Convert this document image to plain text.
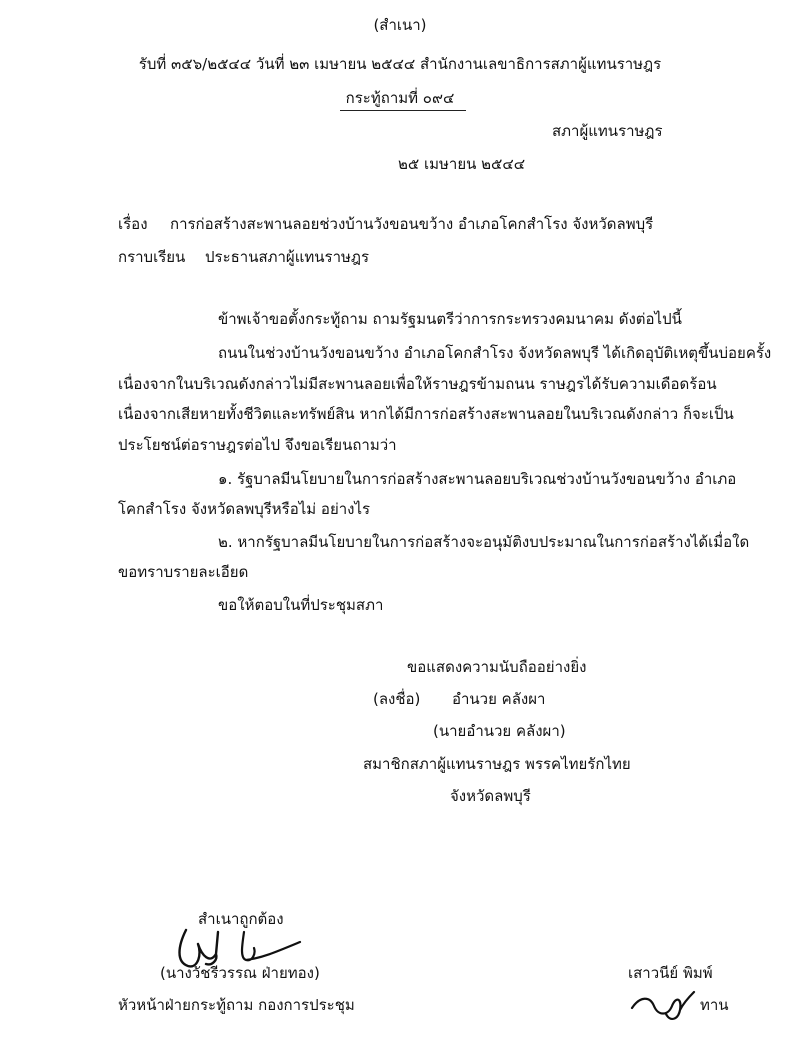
(สำเนา)
รับที่ ๓๕๖/๒๕๔๔ วันที่ ๒๓ เมษายน ๒๕๔๔ สำนักงานเลขาธิการสภาผู้แทนราษฎร
กระทู้ถามที่ ๐๙๔
สภาผู้แทนราษฎร
๒๕ เมษายน ๒๕๔๔
เรื่อง การก่อสร้างสะพานลอยช่วงบ้านวังขอนขว้าง อำเภอโคกสำโรง จังหวัดลพบุรี
กราบเรียน ประธานสภาผู้แทนราษฎร
ข้าพเจ้าขอตั้งกระทู้ถาม ถามรัฐมนตรีว่าการกระทรวงคมนาคม ดังต่อไปนี้
ถนนในช่วงบ้านวังขอนขว้าง อำเภอโคกสำโรง จังหวัดลพบุรี ได้เกิดอุบัติเหตุขึ้นบ่อยครั้ง
เนื่องจากในบริเวณดังกล่าวไม่มีสะพานลอยเพื่อให้ราษฎรข้ามถนน ราษฎรได้รับความเดือดร้อน
เนื่องจากเสียหายทั้งชีวิตและทรัพย์สิน หากได้มีการก่อสร้างสะพานลอยในบริเวณดังกล่าว ก็จะเป็น
ประโยชน์ต่อราษฎรต่อไป จึงขอเรียนถามว่า
๑. รัฐบาลมีนโยบายในการก่อสร้างสะพานลอยบริเวณช่วงบ้านวังขอนขว้าง อำเภอ
โคกสำโรง จังหวัดลพบุรีหรือไม่ อย่างไร
๒. หากรัฐบาลมีนโยบายในการก่อสร้างจะอนุมัติงบประมาณในการก่อสร้างได้เมื่อใด
ขอทราบรายละเอียด
ขอให้ตอบในที่ประชุมสภา
ขอแสดงความนับถืออย่างยิ่ง
(ลงชื่อ) อำนวย คลังผา
(นายอำนวย คลังผา)
สมาชิกสภาผู้แทนราษฎร พรรคไทยรักไทย
จังหวัดลพบุรี
สำเนาถูกต้อง
(นางวัชรีวรรณ ฝ่ายทอง)
หัวหน้าฝ่ายกระทู้ถาม กองการประชุม
เสาวนีย์ พิมพ์
ทาน
